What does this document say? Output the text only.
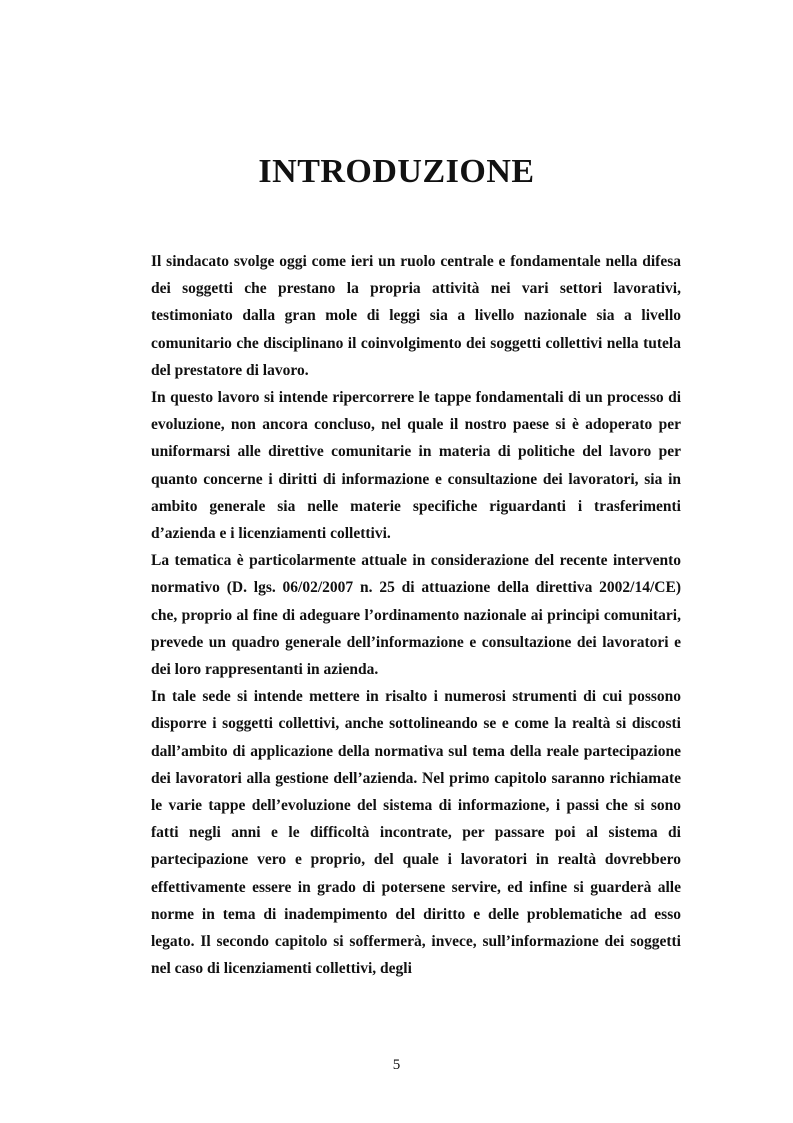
INTRODUZIONE

Il sindacato svolge oggi come ieri un ruolo centrale e fondamentale nella difesa dei soggetti che prestano la propria attività nei vari settori lavorativi, testimoniato dalla gran mole di leggi sia a livello nazionale sia a livello comunitario che disciplinano il coinvolgimento dei soggetti collettivi nella tutela del prestatore di lavoro.

In questo lavoro si intende ripercorrere le tappe fondamentali di un processo di evoluzione, non ancora concluso, nel quale il nostro paese si è adoperato per uniformarsi alle direttive comunitarie in materia di politiche del lavoro per quanto concerne i diritti di informazione e consultazione dei lavoratori, sia in ambito generale sia nelle materie specifiche riguardanti i trasferimenti d’azienda e i licenziamenti collettivi.

La tematica è particolarmente attuale in considerazione del recente intervento normativo (D. lgs. 06/02/2007 n. 25 di attuazione della direttiva 2002/14/CE) che, proprio al fine di adeguare l’ordinamento nazionale ai principi comunitari, prevede un quadro generale dell’informazione e consultazione dei lavoratori e dei loro rappresentanti in azienda.

In tale sede si intende mettere in risalto i numerosi strumenti di cui possono disporre i soggetti collettivi, anche sottolineando se e come la realtà si discosti dall’ambito di applicazione della normativa sul tema della reale partecipazione dei lavoratori alla gestione dell’azienda. Nel primo capitolo saranno richiamate le varie tappe dell’evoluzione del sistema di informazione, i passi che si sono fatti negli anni e le difficoltà incontrate, per passare poi al sistema di partecipazione vero e proprio, del quale i lavoratori in realtà dovrebbero effettivamente essere in grado di potersene servire, ed infine si guarderà alle norme in tema di inadempimento del diritto e delle problematiche ad esso legato. Il secondo capitolo si soffermerà, invece, sull’informazione dei soggetti nel caso di licenziamenti collettivi, degli

5
